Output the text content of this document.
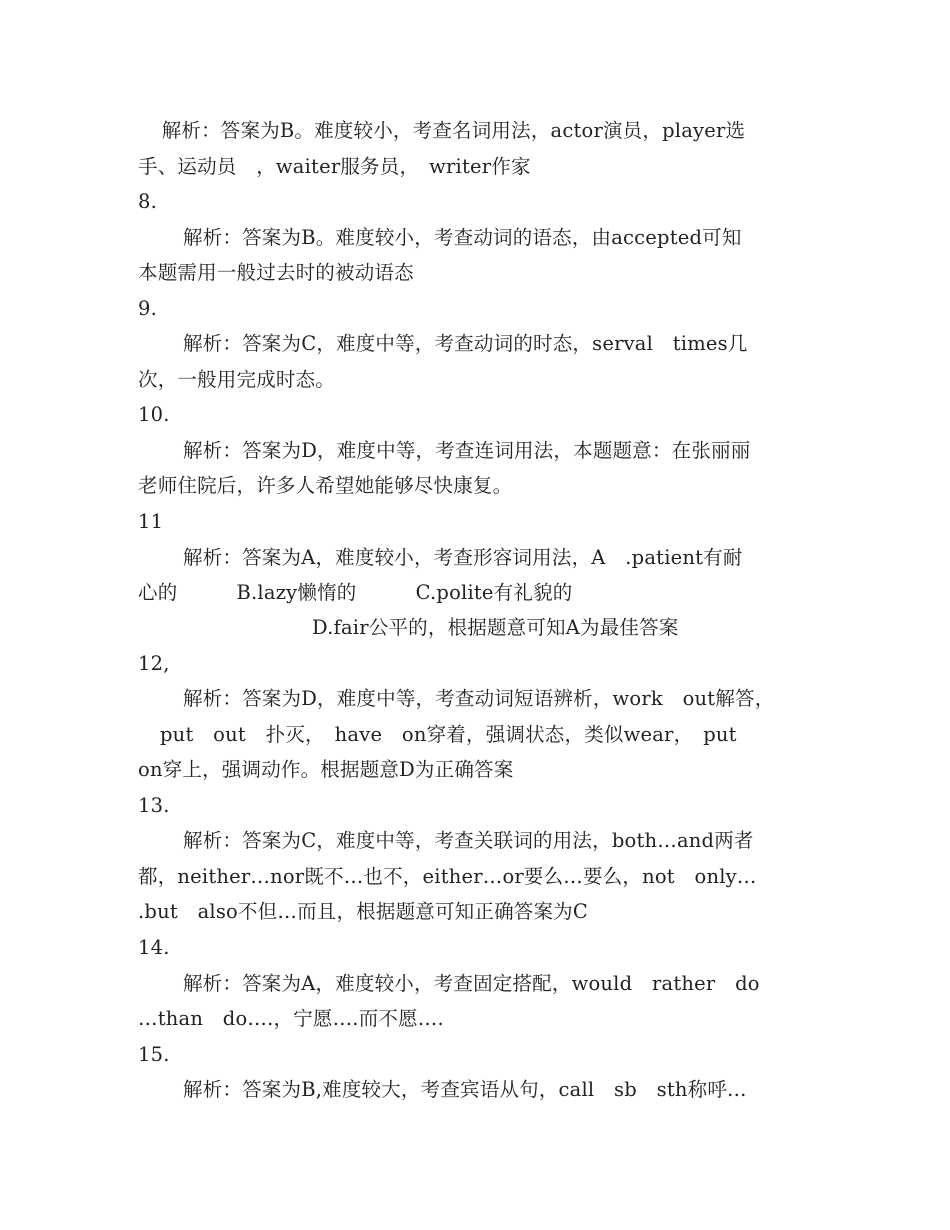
　解析：答案为B。难度较小，考查名词用法，actor演员，player选
手、运动员　，waiter服务员，　writer作家
8.
解析：答案为B。难度较小，考查动词的语态，由accepted可知
本题需用一般过去时的被动语态
9.
解析：答案为C，难度中等，考查动词的时态，serval　times几
次，一般用完成时态。
10.
解析：答案为D，难度中等，考查连词用法，本题题意：在张丽丽
老师住院后，许多人希望她能够尽快康复。
11
解析：答案为A，难度较小，考查形容词用法，A　.patient有耐
心的　　　B.lazy懒惰的　　　C.polite有礼貌的
D.fair公平的，根据题意可知A为最佳答案
12,
解析：答案为D，难度中等，考查动词短语辨析，work　out解答，
put　out　扑灭，　have　on穿着，强调状态，类似wear，　put
on穿上，强调动作。根据题意D为正确答案
13.
解析：答案为C，难度中等，考查关联词的用法，both…and两者
都，neither…nor既不…也不，either…or要么…要么，not　only…
.but　also不但…而且，根据题意可知正确答案为C
14.
解析：答案为A，难度较小，考查固定搭配，would　rather　do
…than　do….，宁愿….而不愿….
15.
解析：答案为B,难度较大，考查宾语从句，call　sb　sth称呼…
